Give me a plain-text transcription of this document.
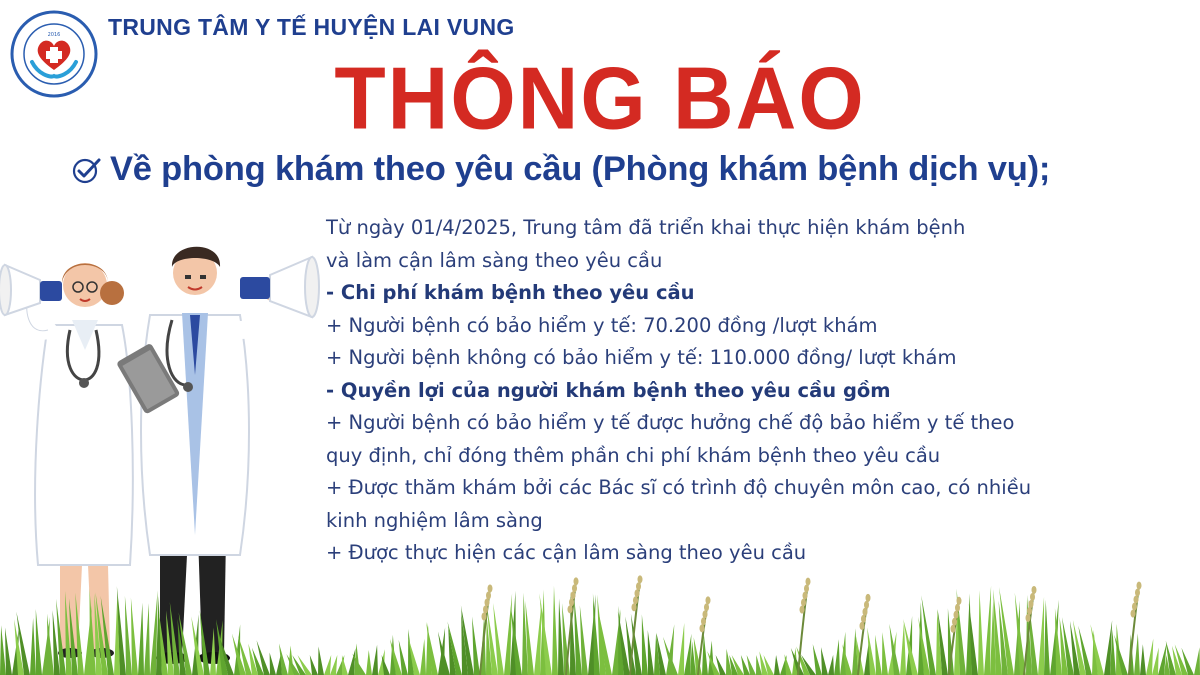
2016 TRUNG TÂM Y TẾ HUYỆN LAI VUNG
THÔNG BÁO
Về phòng khám theo yêu cầu (Phòng khám bệnh dịch vụ);
Từ ngày 01/4/2025, Trung tâm đã triển khai thực hiện khám bệnh
và làm cận lâm sàng theo yêu cầu
- Chi phí khám bệnh theo yêu cầu
+ Người bệnh có bảo hiểm y tế: 70.200 đồng /lượt khám
+ Người bệnh không có bảo hiểm y tế: 110.000 đồng/ lượt khám
- Quyền lợi của người khám bệnh theo yêu cầu gồm
+ Người bệnh có bảo hiểm y tế được hưởng chế độ bảo hiểm y tế theo
quy định, chỉ đóng thêm phần chi phí khám bệnh theo yêu cầu
+ Được thăm khám bởi các Bác sĩ có trình độ chuyên môn cao, có nhiều
kinh nghiệm lâm sàng
+ Được thực hiện các cận lâm sàng theo yêu cầu
